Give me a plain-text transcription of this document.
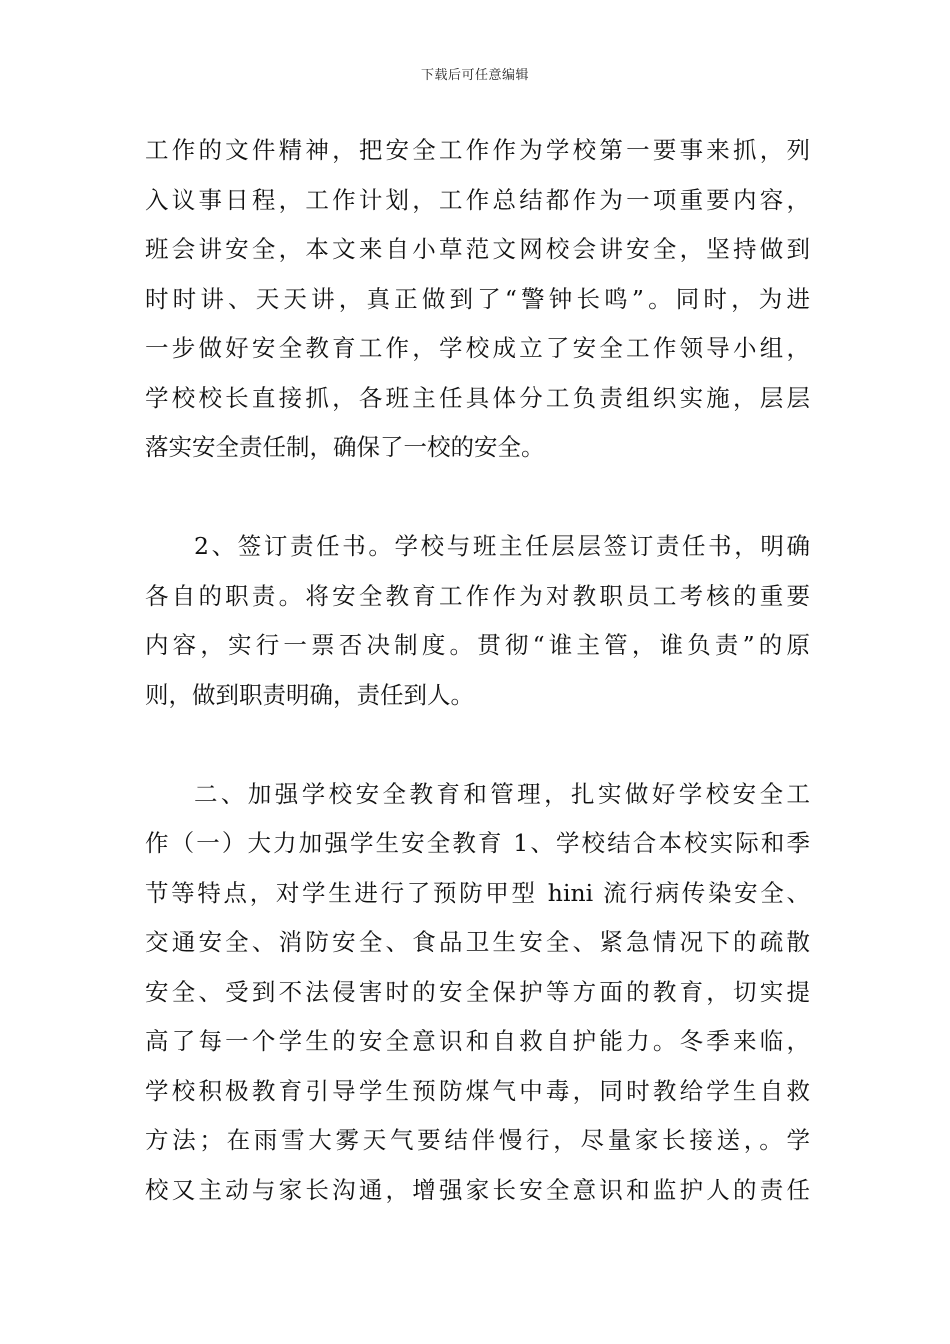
下载后可任意编辑
工作的文件精神，把安全工作作为学校第一要事来抓，列
入议事日程，工作计划，工作总结都作为一项重要内容，
班会讲安全，本文来自小草范文网校会讲安全，坚持做到
时时讲、天天讲，真正做到了“警钟长鸣”。同时，为进
一步做好安全教育工作，学校成立了安全工作领导小组，
学校校长直接抓，各班主任具体分工负责组织实施，层层
落实安全责任制，确保了一校的安全。
2、签订责任书。学校与班主任层层签订责任书，明确
各自的职责。将安全教育工作作为对教职员工考核的重要
内容，实行一票否决制度。贯彻“谁主管，谁负责”的原
则，做到职责明确，责任到人。
二、加强学校安全教育和管理，扎实做好学校安全工
作（一）大力加强学生安全教育 1、学校结合本校实际和季
节等特点，对学生进行了预防甲型 hini 流行病传染安全、
交通安全、消防安全、食品卫生安全、紧急情况下的疏散
安全、受到不法侵害时的安全保护等方面的教育，切实提
高了每一个学生的安全意识和自救自护能力。冬季来临，
学校积极教育引导学生预防煤气中毒，同时教给学生自救
方法；在雨雪大雾天气要结伴慢行，尽量家长接送，。学
校又主动与家长沟通，增强家长安全意识和监护人的责任
